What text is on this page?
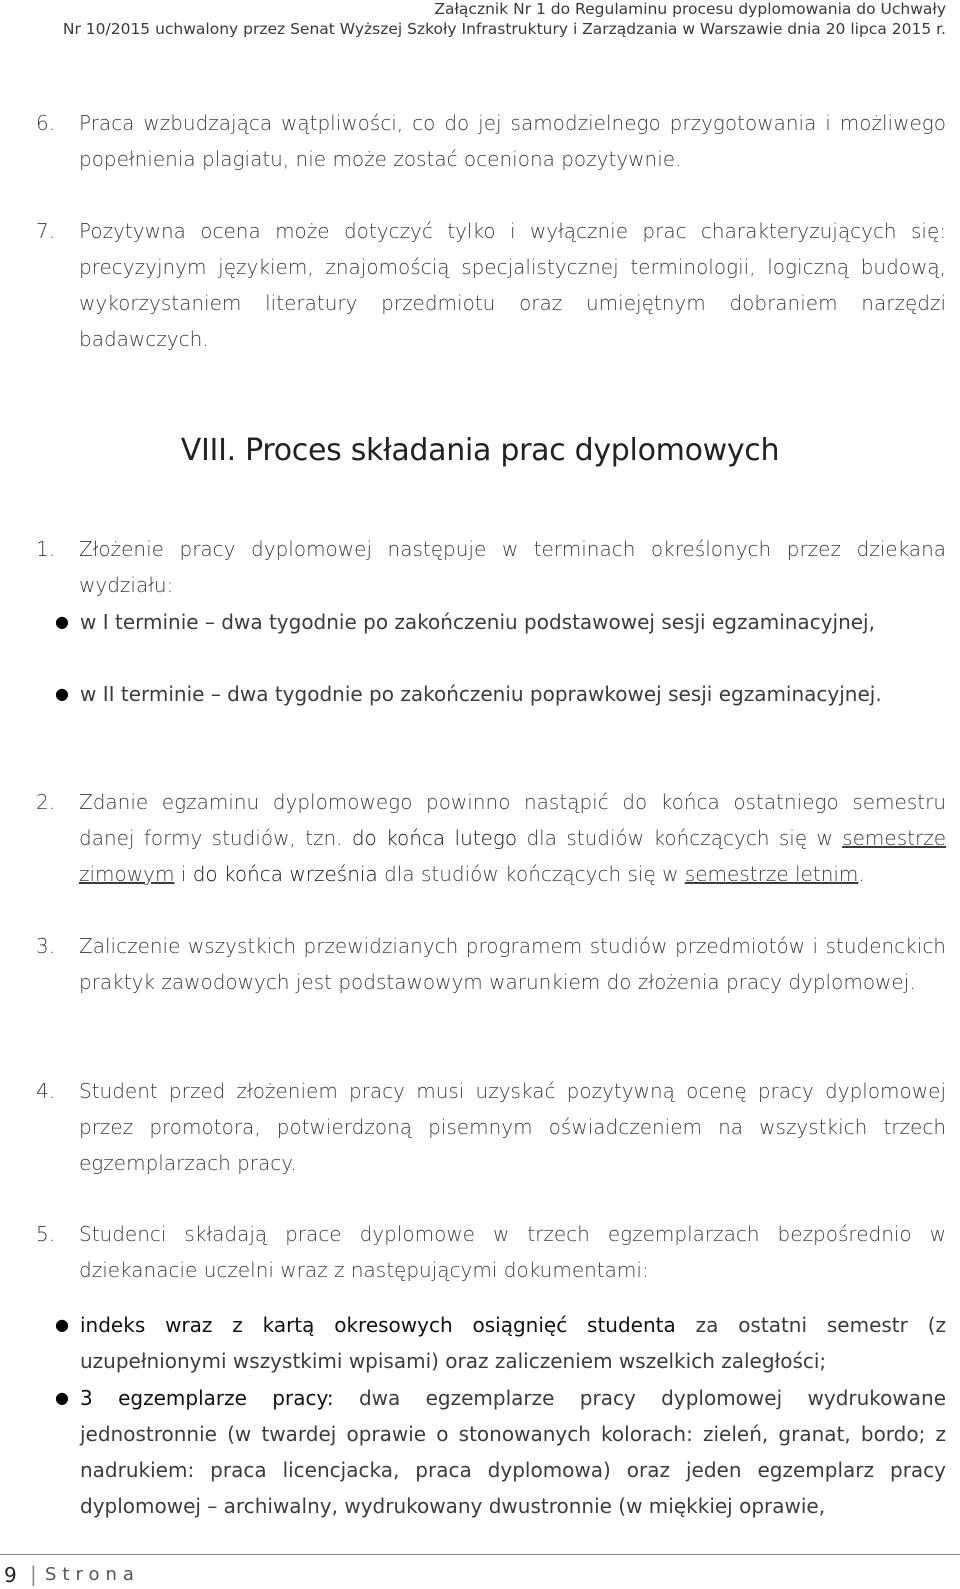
Załącznik Nr 1 do Regulaminu procesu dyplomowania do Uchwały
Nr 10/2015 uchwalony przez Senat Wyższej Szkoły Infrastruktury i Zarządzania w Warszawie dnia 20 lipca 2015 r.
6.	Praca wzbudzająca wątpliwości, co do jej samodzielnego przygotowania i możliwego popełnienia plagiatu, nie może zostać oceniona pozytywnie.
7.	Pozytywna ocena może dotyczyć tylko i wyłącznie prac charakteryzujących się: precyzyjnym językiem, znajomością specjalistycznej terminologii, logiczną budową, wykorzystaniem literatury przedmiotu oraz umiejętnym dobraniem narzędzi badawczych.
VIII. Proces składania prac dyplomowych
1.	Złożenie pracy dyplomowej następuje w terminach określonych przez dziekana wydziału:
● w I terminie – dwa tygodnie po zakończeniu podstawowej sesji egzaminacyjnej,
● w II terminie – dwa tygodnie po zakończeniu poprawkowej sesji egzaminacyjnej.
2.	Zdanie egzaminu dyplomowego powinno nastąpić do końca ostatniego semestru danej formy studiów, tzn. do końca lutego dla studiów kończących się w semestrze zimowym i do końca września dla studiów kończących się w semestrze letnim.
3.	Zaliczenie wszystkich przewidzianych programem studiów przedmiotów i studenckich praktyk zawodowych jest podstawowym warunkiem do złożenia pracy dyplomowej.
4.	Student przed złożeniem pracy musi uzyskać pozytywną ocenę pracy dyplomowej przez promotora, potwierdzoną pisemnym oświadczeniem na wszystkich trzech egzemplarzach pracy.
5.	Studenci składają prace dyplomowe w trzech egzemplarzach bezpośrednio w dziekanacie uczelni wraz z następującymi dokumentami:
● indeks wraz z kartą okresowych osiągnięć studenta za ostatni semestr (z uzupełnionymi wszystkimi wpisami) oraz zaliczeniem wszelkich zaległości;
● 3 egzemplarze pracy: dwa egzemplarze pracy dyplomowej wydrukowane jednostronnie (w twardej oprawie o stonowanych kolorach: zieleń, granat, bordo; z nadrukiem: praca licencjacka, praca dyplomowa) oraz jeden egzemplarz pracy dyplomowej – archiwalny, wydrukowany dwustronnie (w miękkiej oprawie,
9 | Strona
